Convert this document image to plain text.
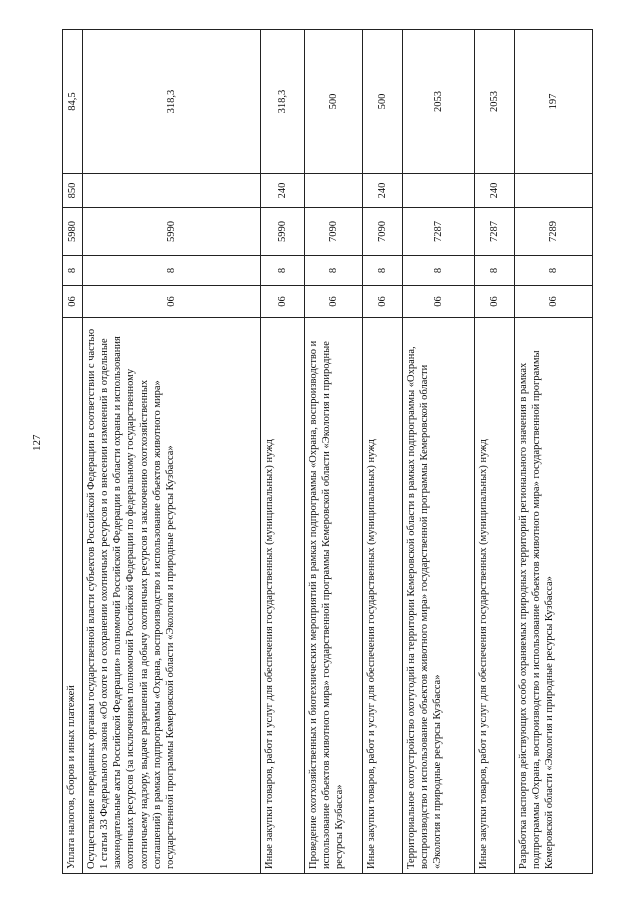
127
Уплата налогов, сборов и иных платежей	06	8	5980	850	84,5
Осуществление переданных органам государственной власти субъектов Российской Федерации в соответствии с частью 1 статьи 33 Федерального закона «Об охоте и о сохранении охотничьих ресурсов и о внесении изменений в отдельные законодательные акты Российской Федерации» полномочий Российской Федерации в области охраны и использования охотничьих ресурсов (за исключением полномочий Российской Федерации по федеральному государственному охотничьему надзору, выдаче разрешений на добычу охотничьих ресурсов и заключению охотхозяйственных соглашений) в рамках подпрограммы «Охрана, воспроизводство и использование объектов животного мира» государственной программы Кемеровской области «Экология и природные ресурсы Кузбасса»	06	8	5990		318,3
Иные закупки товаров, работ и услуг для обеспечения государственных (муниципальных) нужд	06	8	5990	240	318,3
Проведение охотхозяйственных и биотехнических мероприятий в рамках подпрограммы «Охрана, воспроизводство и использование объектов животного мира» государственной программы Кемеровской области «Экология и природные ресурсы Кузбасса»	06	8	7090		500
Иные закупки товаров, работ и услуг для обеспечения государственных (муниципальных) нужд	06	8	7090	240	500
Территориальное охотустройство охотугодий на территории Кемеровской области в рамках подпрограммы «Охрана, воспроизводство и использование объектов животного мира» государственной программы Кемеровской области «Экология и природные ресурсы Кузбасса»	06	8	7287		2053
Иные закупки товаров, работ и услуг для обеспечения государственных (муниципальных) нужд	06	8	7287	240	2053
Разработка паспортов действующих особо охраняемых природных территорий регионального значения в рамках подпрограммы «Охрана, воспроизводство и использование объектов животного мира» государственной программы Кемеровской области «Экология и природные ресурсы Кузбасса»	06	8	7289		197
